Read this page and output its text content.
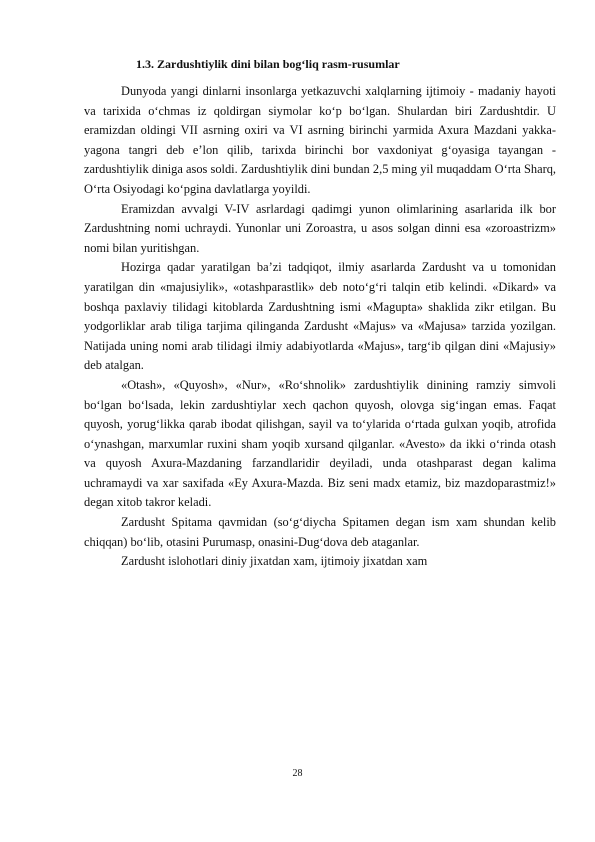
1.3. Zardushtiylik dini bilan bog‘liq rasm-rusumlar

Dunyoda yangi dinlarni insonlarga yetkazuvchi xalqlarning ijtimoiy - madaniy hayoti va tarixida o‘chmas iz qoldirgan siymolar ko‘p bo‘lgan. Shulardan biri Zardushtdir. U eramizdan oldingi VII asrning oxiri va VI asrning birinchi yarmida Axura Mazdani yakka-yagona tangri deb e’lon qilib, tarixda birinchi bor vaxdoniyat g‘oyasiga tayangan - zardushtiylik diniga asos soldi. Zardushtiylik dini bundan 2,5 ming yil muqaddam O‘rta Sharq, O‘rta Osiyodagi ko‘pgina davlatlarga yoyildi.

Eramizdan avvalgi V-IV asrlardagi qadimgi yunon olimlarining asarlarida ilk bor Zardushtning nomi uchraydi. Yunonlar uni Zoroastra, u asos solgan dinni esa «zoroastrizm» nomi bilan yuritishgan.

Hozirga qadar yaratilgan ba’zi tadqiqot, ilmiy asarlarda Zardusht va u tomonidan yaratilgan din «majusiylik», «otashparastlik» deb noto‘g‘ri talqin etib kelindi. «Dikard» va boshqa paxlaviy tilidagi kitoblarda Zardushtning ismi «Magupta» shaklida zikr etilgan. Bu yodgorliklar arab tiliga tarjima qilinganda Zardusht «Majus» va «Majusa» tarzida yozilgan. Natijada uning nomi arab tilidagi ilmiy adabiyotlarda «Majus», targ‘ib qilgan dini «Majusiy» deb atalgan.

«Otash», «Quyosh», «Nur», «Ro‘shnolik» zardushtiylik dinining ramziy simvoli bo‘lgan bo‘lsada, lekin zardushtiylar xech qachon quyosh, olovga sig‘ingan emas. Faqat quyosh, yorug‘likka qarab ibodat qilishgan, sayil va to‘ylarida o‘rtada gulxan yoqib, atrofida o‘ynashgan, marxumlar ruxini sham yoqib xursand qilganlar. «Avesto» da ikki o‘rinda otash va quyosh Axura-Mazdaning farzandlaridir deyiladi, unda otashparast degan kalima uchramaydi va xar saxifada «Ey Axura-Mazda. Biz seni madx etamiz, biz mazdoparastmiz!» degan xitob takror keladi.

Zardusht Spitama qavmidan (so‘g‘diycha Spitamen degan ism xam shundan kelib chiqqan) bo‘lib, otasini Purumasp, onasini-Dug‘dova deb ataganlar.

Zardusht islohotlari diniy jixatdan xam, ijtimoiy jixatdan xam

28
